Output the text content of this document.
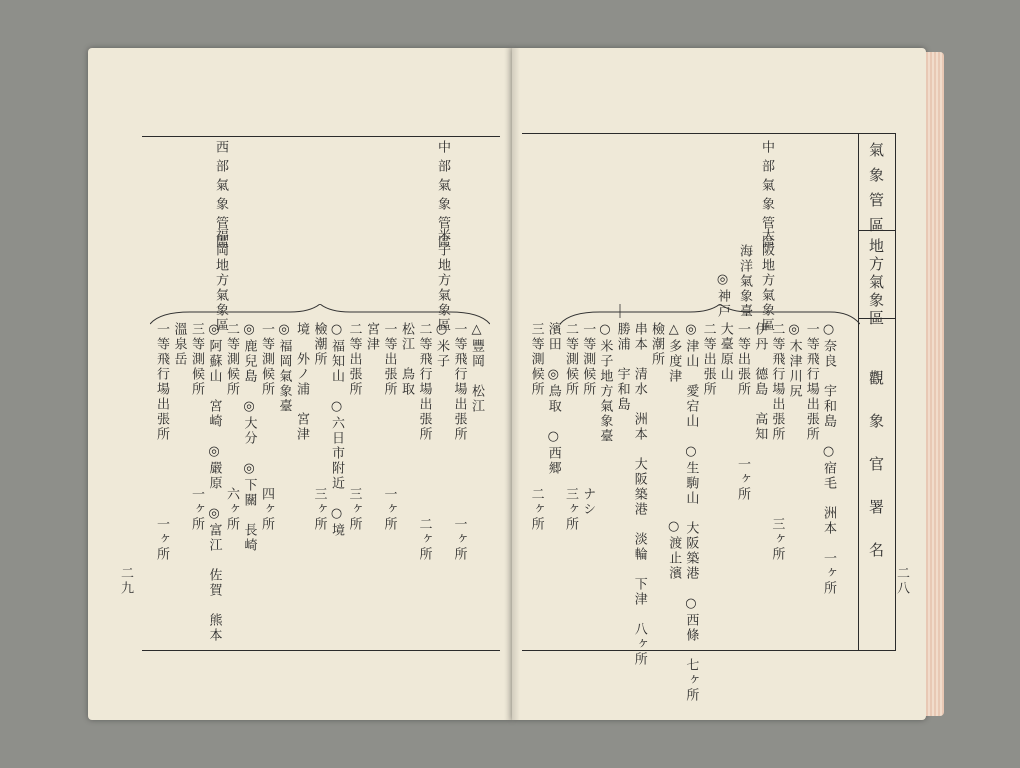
氣象管區
地方氣象區
觀象官署名 二八
中部氣象管區
大阪地方氣象區
海洋氣象臺
◎神戸
○奈良　宇和島　○宿毛　洲本　一ヶ所
一等飛行場出張所
◎木津川尻
二等飛行場出張所　　　　　三ヶ所
伊丹　德島　高知
一等出張所　　　　一ヶ所
大臺原山
二等出張所
◎津山　愛宕山　○生駒山　大阪築港　○西條　七ヶ所
△多度津　　　　　　　　　○渡止濱
檢潮所
串本　清水　洲本　大阪築港　淡輪　下津　八ヶ所
勝浦　宇和島
○米子地方氣象臺
一等測候所　　　　　　ナシ
二等測候所　　　　　　三ヶ所
濱田　◎鳥取　○西郷
三等測候所　　　　　　二ヶ所
中部氣象管區
米子地方氣象區
西部氣象管區
福岡地方氣象區
二九
△豐岡　松江
一等飛行場出張所　　　　　一ヶ所
○米子
二等飛行場出張所　　　　　二ヶ所
松江　鳥取
一等出張所　　　　　　一ヶ所
宮津
二等出張所　　　　　　三ヶ所
○福知山　○六日市附近　○境
檢潮所　　　　　　　　三ヶ所
境　外ノ浦　宮津
◎福岡氣象臺
一等測候所　　　　　　四ヶ所
◎鹿兒島　◎大分　◎下關　長崎
二等測候所　　　　　　六ヶ所
◎阿蘇山　宮崎　◎嚴原　◎富江　佐賀　熊本
三等測候所　　　　　　一ヶ所
溫泉岳
一等飛行場出張所　　　　　一ヶ所
